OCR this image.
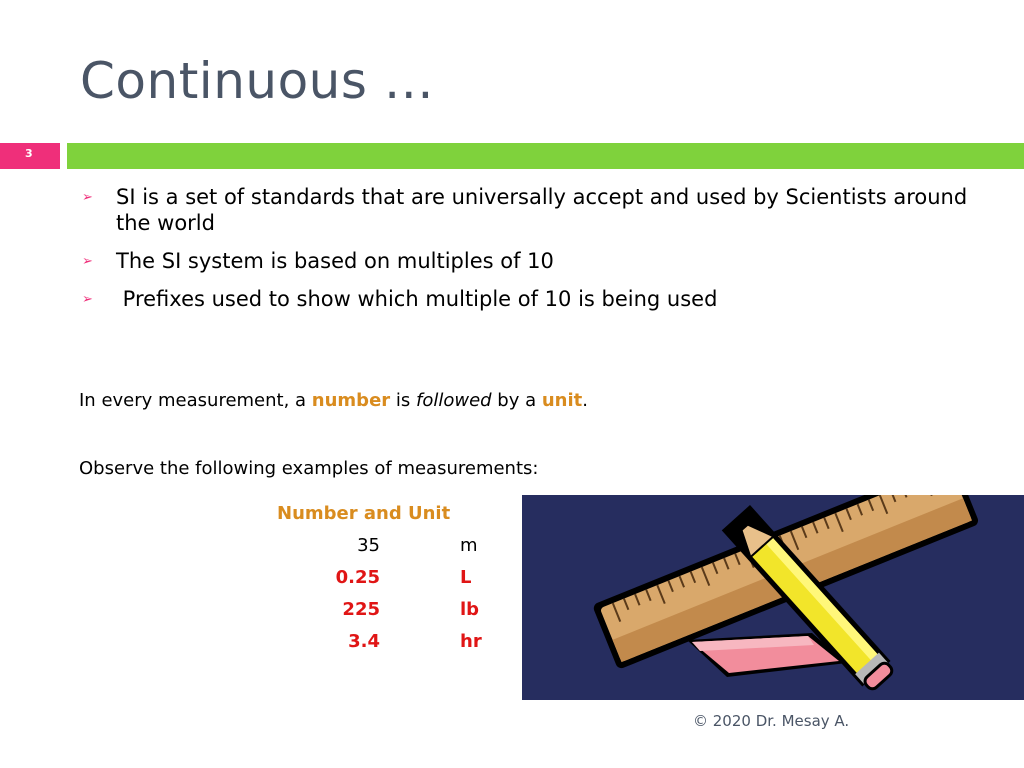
Continuous …
3
➢ SI is a set of standards that are universally accept and used by Scientists around the world
➢ The SI system is based on multiples of 10
➢ Prefixes used to show which multiple of 10 is being used
In every measurement, a number is followed by a unit.
Observe the following examples of measurements:
Number and Unit
35	m
0.25	L
225	lb
3.4	hr
© 2020 Dr. Mesay A.
